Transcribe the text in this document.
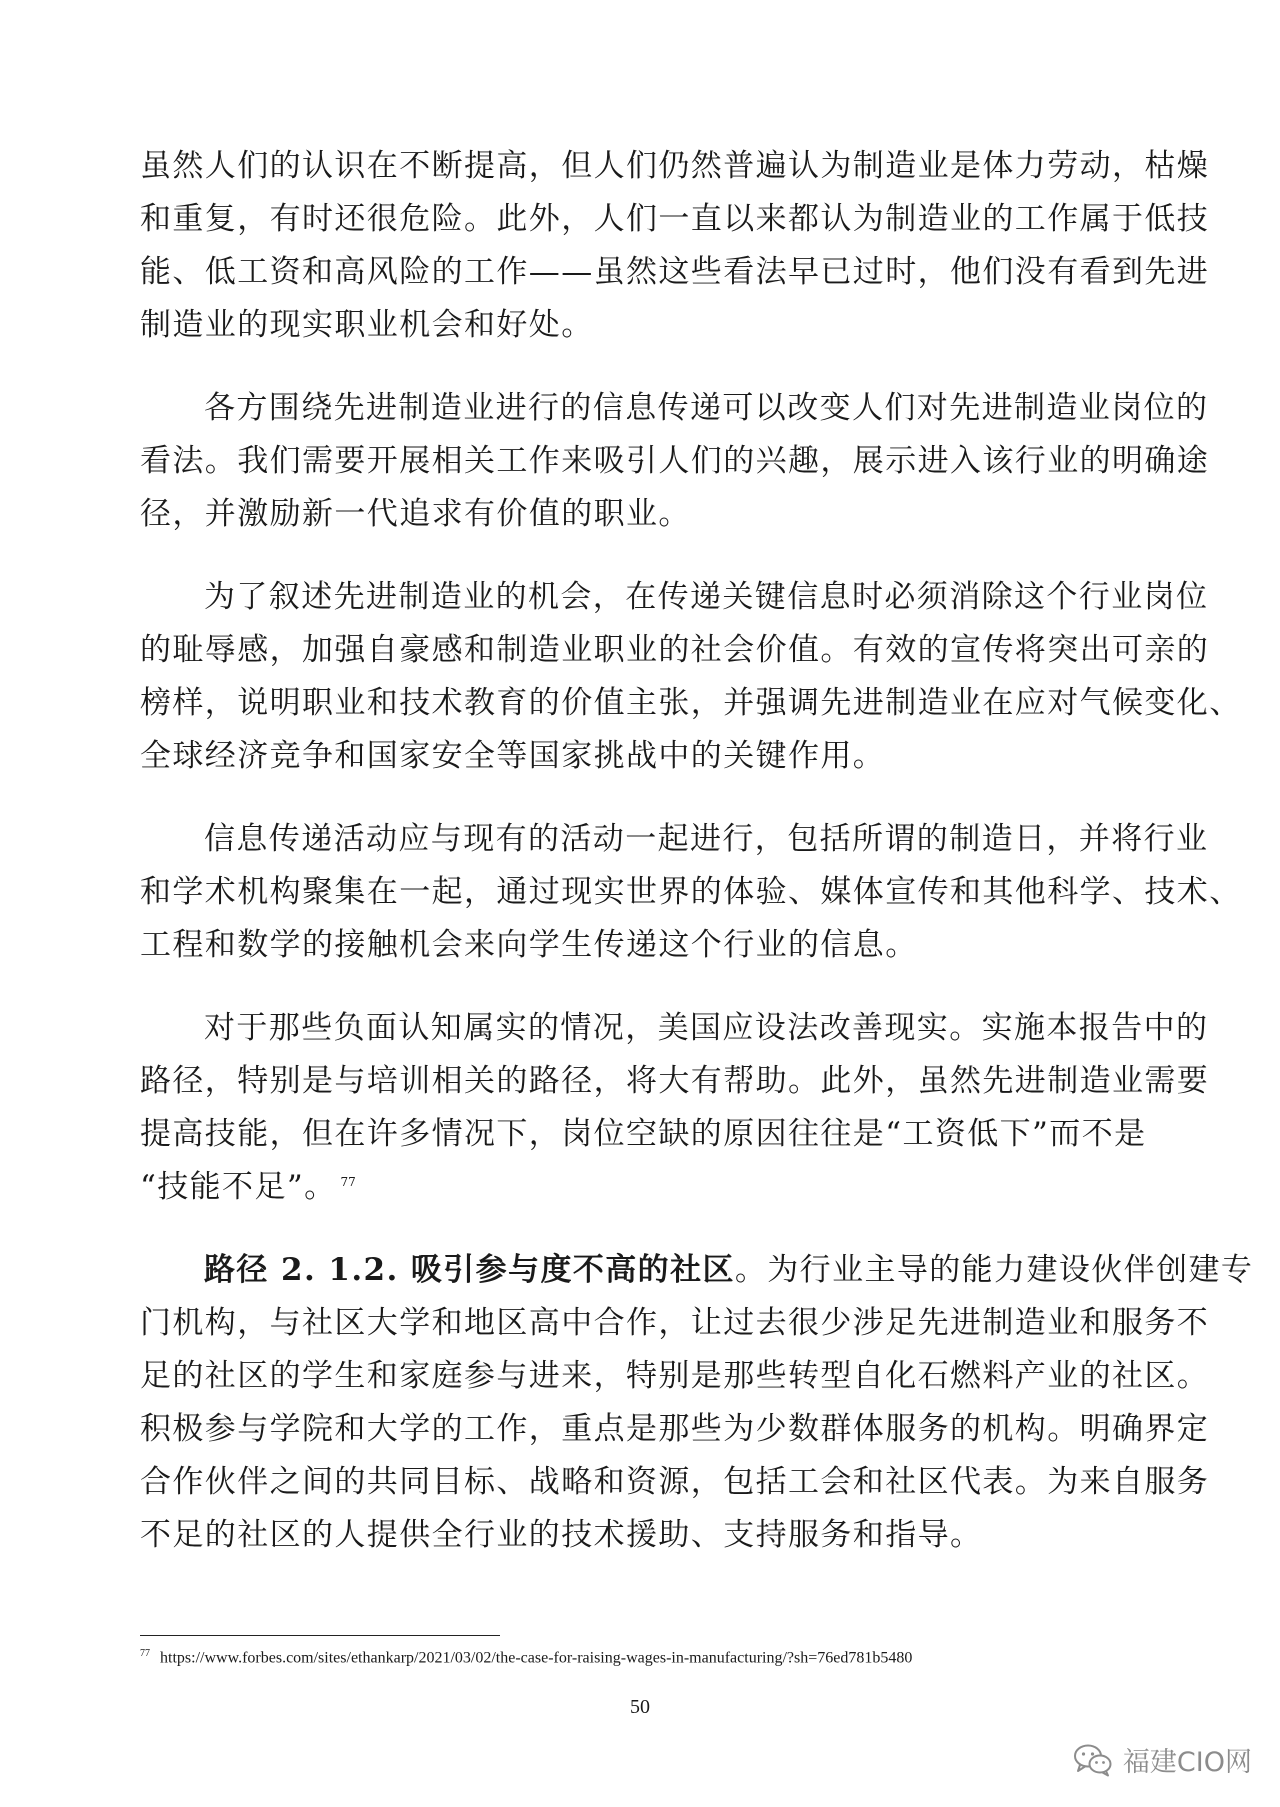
虽然人们的认识在不断提高，但人们仍然普遍认为制造业是体力劳动，枯燥
和重复，有时还很危险。此外，人们一直以来都认为制造业的工作属于低技
能、低工资和高风险的工作——虽然这些看法早已过时，他们没有看到先进
制造业的现实职业机会和好处。

各方围绕先进制造业进行的信息传递可以改变人们对先进制造业岗位的
看法。我们需要开展相关工作来吸引人们的兴趣，展示进入该行业的明确途
径，并激励新一代追求有价值的职业。

为了叙述先进制造业的机会，在传递关键信息时必须消除这个行业岗位
的耻辱感，加强自豪感和制造业职业的社会价值。有效的宣传将突出可亲的
榜样，说明职业和技术教育的价值主张，并强调先进制造业在应对气候变化、
全球经济竞争和国家安全等国家挑战中的关键作用。

信息传递活动应与现有的活动一起进行，包括所谓的制造日，并将行业
和学术机构聚集在一起，通过现实世界的体验、媒体宣传和其他科学、技术、
工程和数学的接触机会来向学生传递这个行业的信息。

对于那些负面认知属实的情况，美国应设法改善现实。实施本报告中的
路径，特别是与培训相关的路径，将大有帮助。此外，虽然先进制造业需要
提高技能，但在许多情况下，岗位空缺的原因往往是“工资低下”而不是
“技能不足”。 $^{77}$

路径 2. 1.2. 吸引参与度不高的社区。为行业主导的能力建设伙伴创建专
门机构，与社区大学和地区高中合作，让过去很少涉足先进制造业和服务不
足的社区的学生和家庭参与进来，特别是那些转型自化石燃料产业的社区。
积极参与学院和大学的工作，重点是那些为少数群体服务的机构。明确界定
合作伙伴之间的共同目标、战略和资源，包括工会和社区代表。为来自服务
不足的社区的人提供全行业的技术援助、支持服务和指导。

$^{77}$ https://www.forbes.com/sites/ethankarp/2021/03/02/the-case-for-raising-wages-in-manufacturing/?sh=76ed781b5480
50
福建CIO网
